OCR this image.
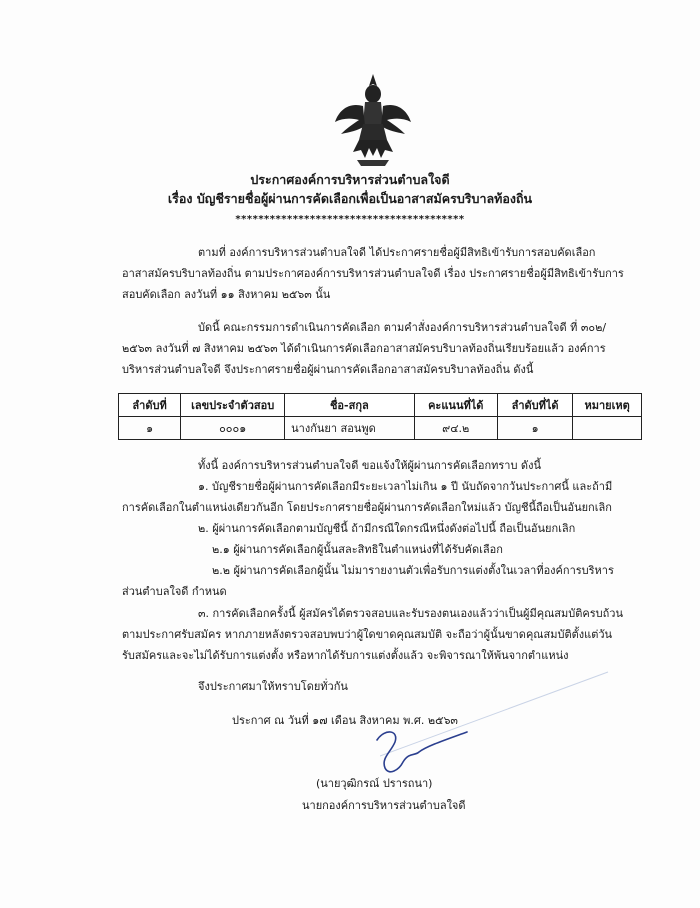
ประกาศองค์การบริหารส่วนตำบลใจดี
เรื่อง บัญชีรายชื่อผู้ผ่านการคัดเลือกเพื่อเป็นอาสาสมัครบริบาลท้องถิ่น
****************************************
ตามที่ องค์การบริหารส่วนตำบลใจดี ได้ประกาศรายชื่อผู้มีสิทธิเข้ารับการสอบคัดเลือก
อาสาสมัครบริบาลท้องถิ่น ตามประกาศองค์การบริหารส่วนตำบลใจดี เรื่อง ประกาศรายชื่อผู้มีสิทธิเข้ารับการ
สอบคัดเลือก ลงวันที่ ๑๑ สิงหาคม ๒๕๖๓ นั้น
บัดนี้ คณะกรรมการดำเนินการคัดเลือก ตามคำสั่งองค์การบริหารส่วนตำบลใจดี ที่ ๓๐๒/
๒๕๖๓ ลงวันที่ ๗ สิงหาคม ๒๕๖๓ ได้ดำเนินการคัดเลือกอาสาสมัครบริบาลท้องถิ่นเรียบร้อยแล้ว องค์การ
บริหารส่วนตำบลใจดี จึงประกาศรายชื่อผู้ผ่านการคัดเลือกอาสาสมัครบริบาลท้องถิ่น ดังนี้
ลำดับที่	เลขประจำตัวสอบ	ชื่อ-สกุล	คะแนนที่ได้	ลำดับที่ได้	หมายเหตุ
๑	๐๐๐๑	นางกันยา สอนพูด	๙๔.๒	๑	
ทั้งนี้ องค์การบริหารส่วนตำบลใจดี ขอแจ้งให้ผู้ผ่านการคัดเลือกทราบ ดังนี้
๑. บัญชีรายชื่อผู้ผ่านการคัดเลือกมีระยะเวลาไม่เกิน ๑ ปี นับถัดจากวันประกาศนี้ และถ้ามี
การคัดเลือกในตำแหน่งเดียวกันอีก โดยประกาศรายชื่อผู้ผ่านการคัดเลือกใหม่แล้ว บัญชีนี้ถือเป็นอันยกเลิก
๒. ผู้ผ่านการคัดเลือกตามบัญชีนี้ ถ้ามีกรณีใดกรณีหนึ่งดังต่อไปนี้ ถือเป็นอันยกเลิก
๒.๑ ผู้ผ่านการคัดเลือกผู้นั้นสละสิทธิในตำแหน่งที่ได้รับคัดเลือก
๒.๒ ผู้ผ่านการคัดเลือกผู้นั้น ไม่มารายงานตัวเพื่อรับการแต่งตั้งในเวลาที่องค์การบริหาร
ส่วนตำบลใจดี กำหนด
๓. การคัดเลือกครั้งนี้ ผู้สมัครได้ตรวจสอบและรับรองตนเองแล้วว่าเป็นผู้มีคุณสมบัติครบถ้วน
ตามประกาศรับสมัคร หากภายหลังตรวจสอบพบว่าผู้ใดขาดคุณสมบัติ จะถือว่าผู้นั้นขาดคุณสมบัติตั้งแต่วัน
รับสมัครและจะไม่ได้รับการแต่งตั้ง หรือหากได้รับการแต่งตั้งแล้ว จะพิจารณาให้พ้นจากตำแหน่ง
จึงประกาศมาให้ทราบโดยทั่วกัน
ประกาศ ณ วันที่ ๑๗ เดือน สิงหาคม พ.ศ. ๒๕๖๓
(นายวุฒิกรณ์ ปรารถนา)
นายกองค์การบริหารส่วนตำบลใจดี
